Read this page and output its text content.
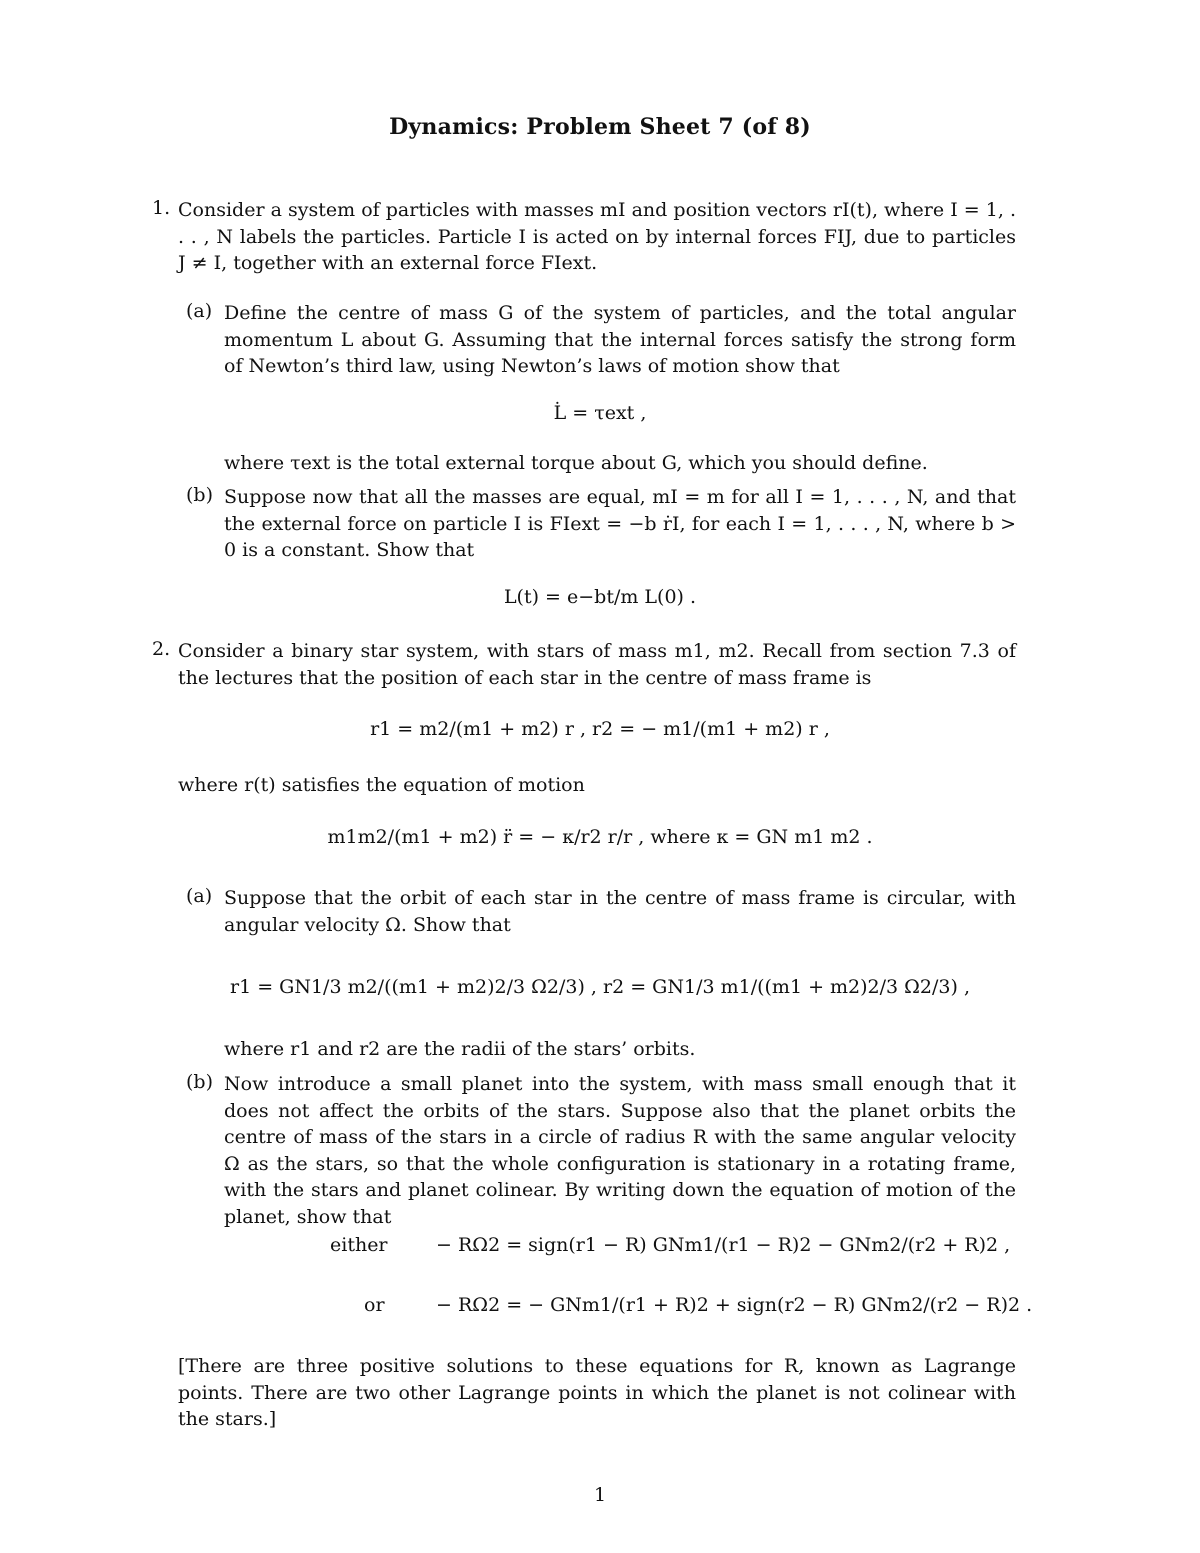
Dynamics: Problem Sheet 7 (of 8)
1. Consider a system of particles with masses mI and position vectors rI(t), where I = 1, . . . , N labels the particles. Particle I is acted on by internal forces FIJ, due to particles J ≠ I, together with an external force FIext.
(a) Define the centre of mass G of the system of particles, and the total angular momentum L about G. Assuming that the internal forces satisfy the strong form of Newton’s third law, using Newton’s laws of motion show that
L̇ = τext ,
where τext is the total external torque about G, which you should define.
(b) Suppose now that all the masses are equal, mI = m for all I = 1, . . . , N, and that the external force on particle I is FIext = −b ṙI, for each I = 1, . . . , N, where b > 0 is a constant. Show that
L(t) = e−bt/m L(0) .
2. Consider a binary star system, with stars of mass m1, m2. Recall from section 7.3 of the lectures that the position of each star in the centre of mass frame is
r1 = m2/(m1 + m2) r , r2 = − m1/(m1 + m2) r ,
where r(t) satisfies the equation of motion
m1m2/(m1 + m2) r̈ = − κ/r2 r/r , where κ = GN m1 m2 .
(a) Suppose that the orbit of each star in the centre of mass frame is circular, with angular velocity Ω. Show that
r1 = GN1/3 m2/((m1 + m2)2/3 Ω2/3) , r2 = GN1/3 m1/((m1 + m2)2/3 Ω2/3) ,
where r1 and r2 are the radii of the stars’ orbits.
(b) Now introduce a small planet into the system, with mass small enough that it does not affect the orbits of the stars. Suppose also that the planet orbits the centre of mass of the stars in a circle of radius R with the same angular velocity Ω as the stars, so that the whole configuration is stationary in a rotating frame, with the stars and planet colinear. By writing down the equation of motion of the planet, show that
either	− RΩ2 = sign(r1 − R) GNm1/(r1 − R)2 − GNm2/(r2 + R)2 ,
or	− RΩ2 = − GNm1/(r1 + R)2 + sign(r2 − R) GNm2/(r2 − R)2 .
[There are three positive solutions to these equations for R, known as Lagrange points. There are two other Lagrange points in which the planet is not colinear with the stars.]
1
